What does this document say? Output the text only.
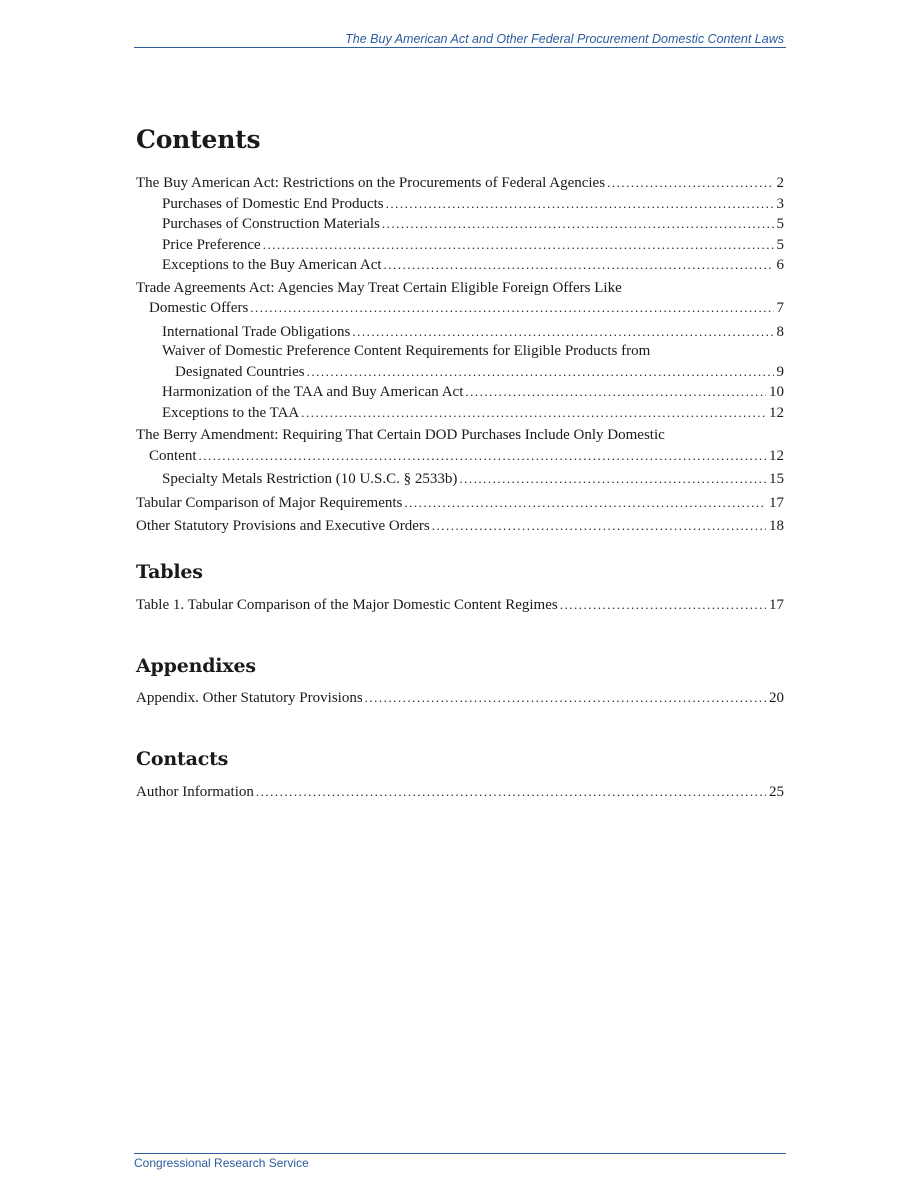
The Buy American Act and Other Federal Procurement Domestic Content Laws
Contents
The Buy American Act: Restrictions on the Procurements of Federal Agencies .....	2
Purchases of Domestic End Products .....	3
Purchases of Construction Materials .....	5
Price Preference .....	5
Exceptions to the Buy American Act .....	6
Trade Agreements Act: Agencies May Treat Certain Eligible Foreign Offers Like
Domestic Offers .....	7
International Trade Obligations .....	8
Waiver of Domestic Preference Content Requirements for Eligible Products from
Designated Countries .....	9
Harmonization of the TAA and Buy American Act .....	10
Exceptions to the TAA .....	12
The Berry Amendment: Requiring That Certain DOD Purchases Include Only Domestic
Content .....	12
Specialty Metals Restriction (10 U.S.C. § 2533b) .....	15
Tabular Comparison of Major Requirements .....	17
Other Statutory Provisions and Executive Orders .....	18
Tables
Table 1. Tabular Comparison of the Major Domestic Content Regimes .....	17
Appendixes
Appendix. Other Statutory Provisions .....	20
Contacts
Author Information .....	25
Congressional Research Service
